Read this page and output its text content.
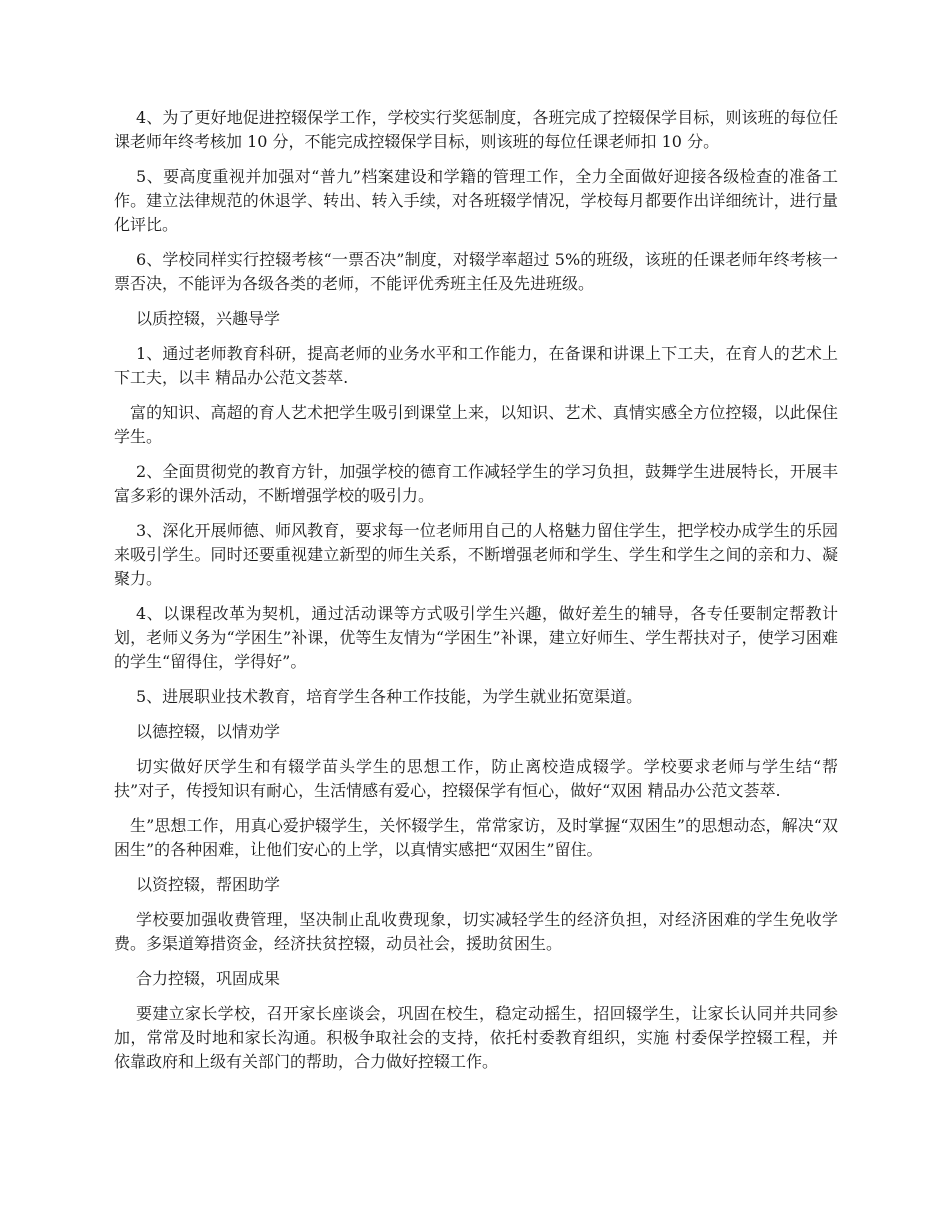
4、为了更好地促进控辍保学工作，学校实行奖惩制度，各班完成了控辍保学目标，则该班的每位任课老师年终考核加 10 分，不能完成控辍保学目标，则该班的每位任课老师扣 10 分。

5、要高度重视并加强对“普九”档案建设和学籍的管理工作，全力全面做好迎接各级检查的准备工作。建立法律规范的休退学、转出、转入手续，对各班辍学情况，学校每月都要作出详细统计，进行量化评比。

6、学校同样实行控辍考核“一票否决”制度，对辍学率超过 5%的班级，该班的任课老师年终考核一票否决，不能评为各级各类的老师，不能评优秀班主任及先进班级。

以质控辍，兴趣导学

1、通过老师教育科研，提高老师的业务水平和工作能力，在备课和讲课上下工夫，在育人的艺术上下工夫，以丰 精品办公范文荟萃.

富的知识、高超的育人艺术把学生吸引到课堂上来，以知识、艺术、真情实感全方位控辍，以此保住学生。

2、全面贯彻党的教育方针，加强学校的德育工作减轻学生的学习负担，鼓舞学生进展特长，开展丰富多彩的课外活动，不断增强学校的吸引力。

3、深化开展师德、师风教育，要求每一位老师用自己的人格魅力留住学生，把学校办成学生的乐园来吸引学生。同时还要重视建立新型的师生关系，不断增强老师和学生、学生和学生之间的亲和力、凝聚力。

4、以课程改革为契机，通过活动课等方式吸引学生兴趣，做好差生的辅导，各专任要制定帮教计划，老师义务为“学困生”补课，优等生友情为“学困生”补课，建立好师生、学生帮扶对子，使学习困难的学生“留得住，学得好”。

5、进展职业技术教育，培育学生各种工作技能，为学生就业拓宽渠道。

以德控辍，以情劝学

切实做好厌学生和有辍学苗头学生的思想工作，防止离校造成辍学。学校要求老师与学生结“帮扶”对子，传授知识有耐心，生活情感有爱心，控辍保学有恒心，做好“双困 精品办公范文荟萃.

生”思想工作，用真心爱护辍学生，关怀辍学生，常常家访，及时掌握“双困生”的思想动态，解决“双困生”的各种困难，让他们安心的上学，以真情实感把“双困生”留住。

以资控辍，帮困助学

学校要加强收费管理，坚决制止乱收费现象，切实减轻学生的经济负担，对经济困难的学生免收学费。多渠道筹措资金，经济扶贫控辍，动员社会，援助贫困生。

合力控辍，巩固成果

要建立家长学校，召开家长座谈会，巩固在校生，稳定动摇生，招回辍学生，让家长认同并共同参加，常常及时地和家长沟通。积极争取社会的支持，依托村委教育组织，实施 村委保学控辍工程，并依靠政府和上级有关部门的帮助，合力做好控辍工作。
